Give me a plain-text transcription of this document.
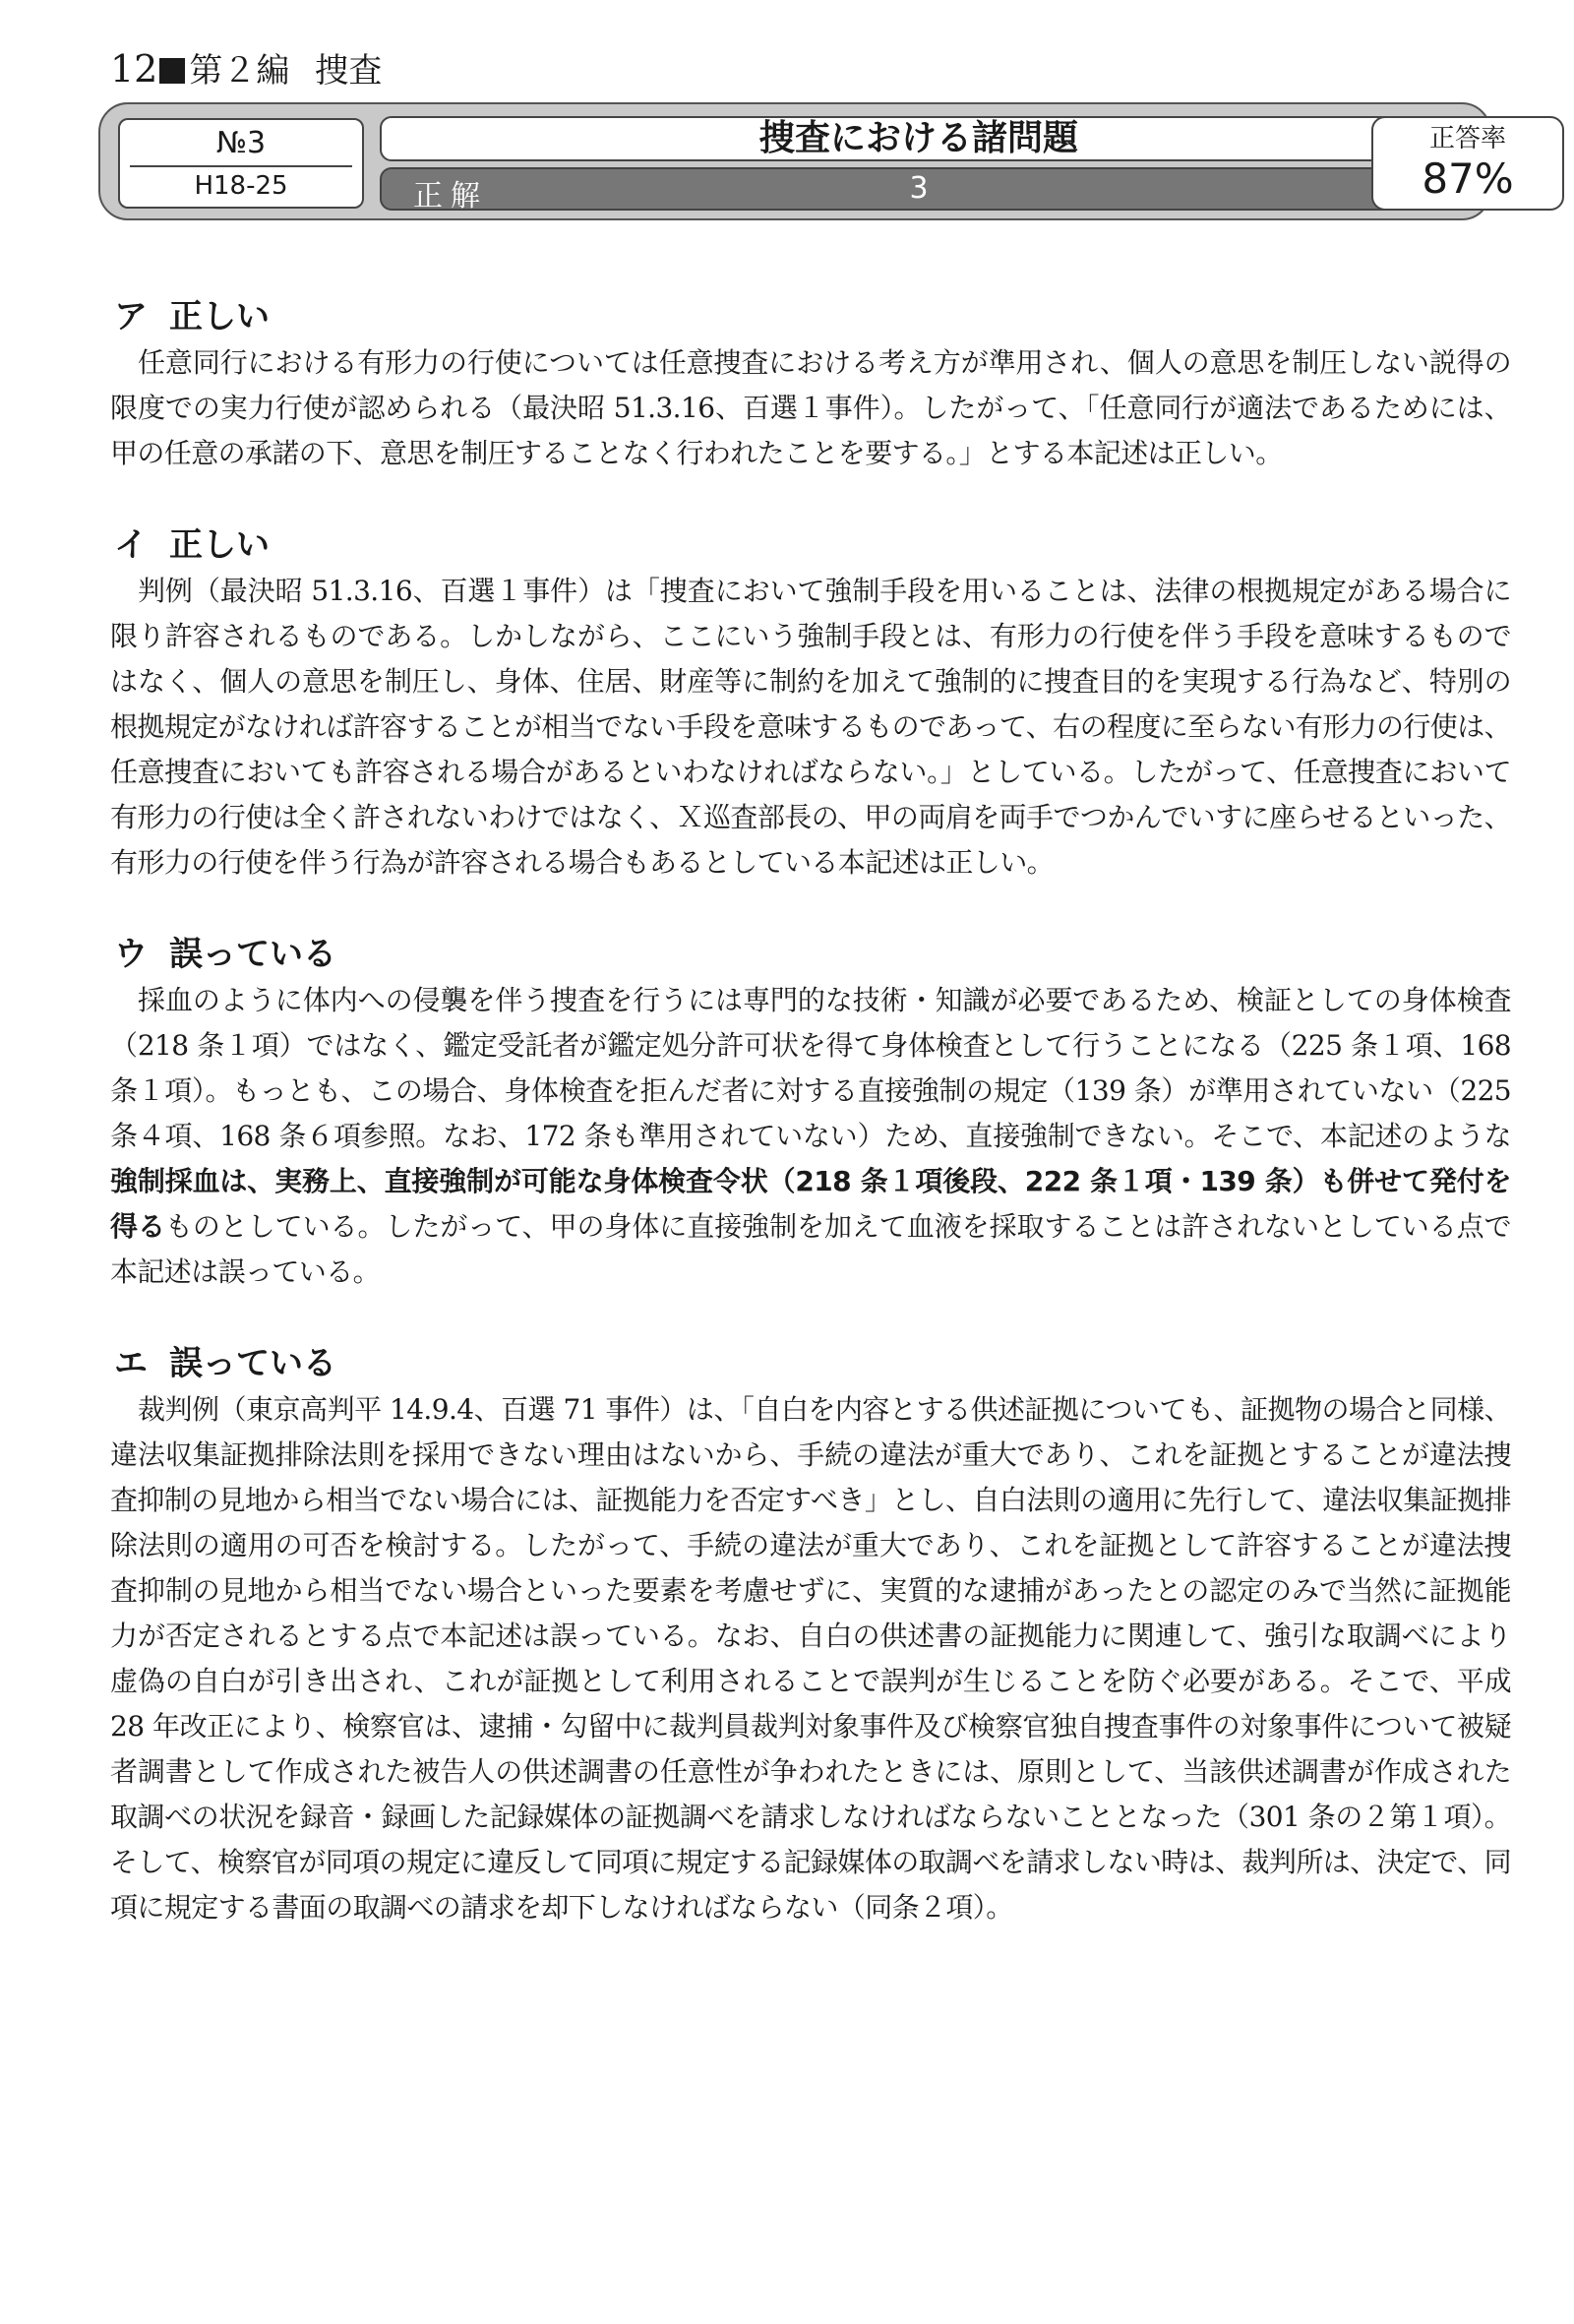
12 第２編 捜査
№3
H18-25
捜査における諸問題
正解	3
正答率
87%
ア 正しい

任意同行における有形力の行使については任意捜査における考え方が準用され、個人の意思を制圧しない説得の限度での実力行使が認められる（最決昭 51.3.16、百選１事件）。したがって、「任意同行が適法であるためには、甲の任意の承諾の下、意思を制圧することなく行われたことを要する。」とする本記述は正しい。

イ 正しい

判例（最決昭 51.3.16、百選１事件）は「捜査において強制手段を用いることは、法律の根拠規定がある場合に限り許容されるものである。しかしながら、ここにいう強制手段とは、有形力の行使を伴う手段を意味するものではなく、個人の意思を制圧し、身体、住居、財産等に制約を加えて強制的に捜査目的を実現する行為など、特別の根拠規定がなければ許容することが相当でない手段を意味するものであって、右の程度に至らない有形力の行使は、任意捜査においても許容される場合があるといわなければならない。」としている。したがって、任意捜査において有形力の行使は全く許されないわけではなく、Ｘ巡査部長の、甲の両肩を両手でつかんでいすに座らせるといった、有形力の行使を伴う行為が許容される場合もあるとしている本記述は正しい。

ウ 誤っている

採血のように体内への侵襲を伴う捜査を行うには専門的な技術・知識が必要であるため、検証としての身体検査（218 条１項）ではなく、鑑定受託者が鑑定処分許可状を得て身体検査として行うことになる（225 条１項、168 条１項）。もっとも、この場合、身体検査を拒んだ者に対する直接強制の規定（139 条）が準用されていない（225 条４項、168 条６項参照。なお、172 条も準用されていない）ため、直接強制できない。そこで、本記述のような強制採血は、実務上、直接強制が可能な身体検査令状（218 条１項後段、222 条１項・139 条）も併せて発付を得るものとしている。したがって、甲の身体に直接強制を加えて血液を採取することは許されないとしている点で本記述は誤っている。

エ 誤っている

裁判例（東京高判平 14.9.4、百選 71 事件）は、「自白を内容とする供述証拠についても、証拠物の場合と同様、違法収集証拠排除法則を採用できない理由はないから、手続の違法が重大であり、これを証拠とすることが違法捜査抑制の見地から相当でない場合には、証拠能力を否定すべき」とし、自白法則の適用に先行して、違法収集証拠排除法則の適用の可否を検討する。したがって、手続の違法が重大であり、これを証拠として許容することが違法捜査抑制の見地から相当でない場合といった要素を考慮せずに、実質的な逮捕があったとの認定のみで当然に証拠能力が否定されるとする点で本記述は誤っている。なお、自白の供述書の証拠能力に関連して、強引な取調べにより虚偽の自白が引き出され、これが証拠として利用されることで誤判が生じることを防ぐ必要がある。そこで、平成 28 年改正により、検察官は、逮捕・勾留中に裁判員裁判対象事件及び検察官独自捜査事件の対象事件について被疑者調書として作成された被告人の供述調書の任意性が争われたときには、原則として、当該供述調書が作成された取調べの状況を録音・録画した記録媒体の証拠調べを請求しなければならないこととなった（301 条の２第１項）。そして、検察官が同項の規定に違反して同項に規定する記録媒体の取調べを請求しない時は、裁判所は、決定で、同項に規定する書面の取調べの請求を却下しなければならない（同条２項）。
